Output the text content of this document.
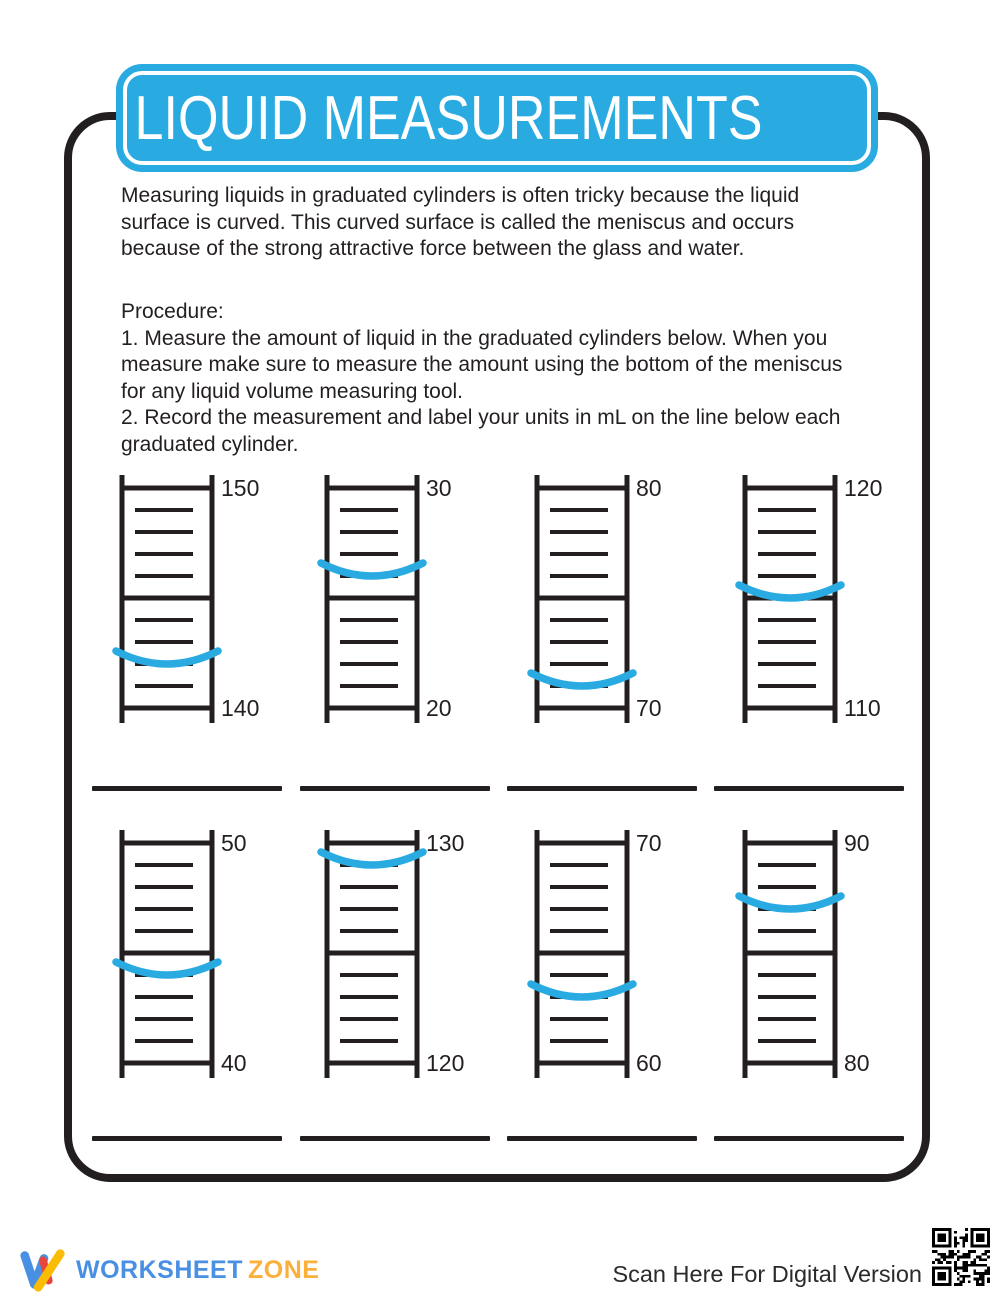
LIQUID MEASUREMENTS

Measuring liquids in graduated cylinders is often tricky because the liquid surface is curved. This curved surface is called the meniscus and occurs because of the strong attractive force between the glass and water.

Procedure:
1. Measure the amount of liquid in the graduated cylinders below. When you measure make sure to measure the amount using the bottom of the meniscus for any liquid volume measuring tool.
2. Record the measurement and label your units in mL on the line below each graduated cylinder.
150
140
30
20
80
70
120
110
50
40
130
120
70
60
90
80
WORKSHEET ZONE	Scan Here For Digital Version
